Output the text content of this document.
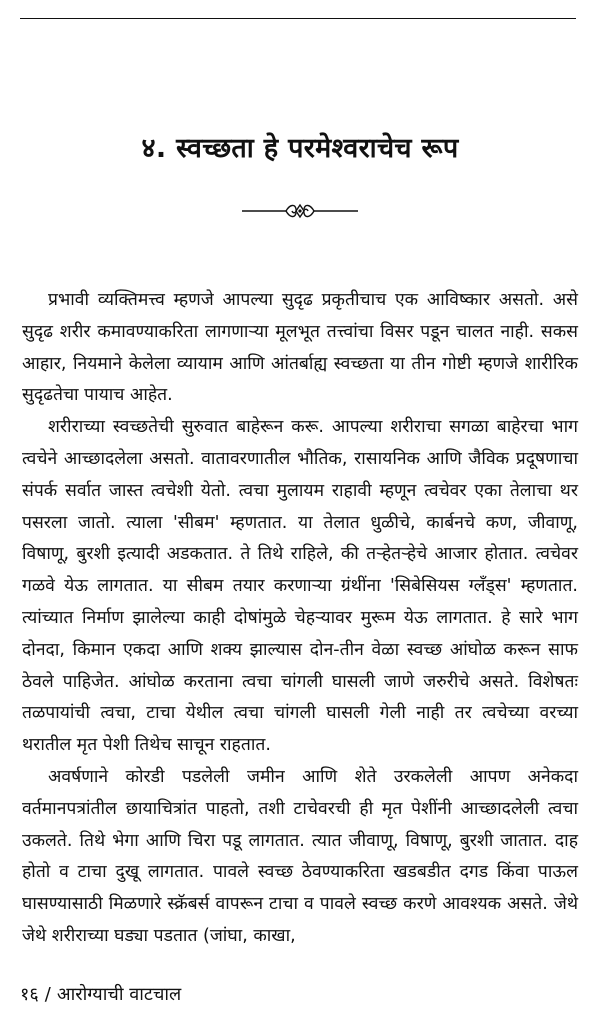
४. स्वच्छता हे परमेश्वराचेच रूप

प्रभावी व्यक्तिमत्त्व म्हणजे आपल्या सुदृढ प्रकृतीचाच एक आविष्कार असतो. असे सुदृढ शरीर कमावण्याकरिता लागणाऱ्या मूलभूत तत्त्वांचा विसर पडून चालत नाही. सकस आहार, नियमाने केलेला व्यायाम आणि आंतर्बाह्य स्वच्छता या तीन गोष्टी म्हणजे शारीरिक सुदृढतेचा पायाच आहेत.

शरीराच्या स्वच्छतेची सुरुवात बाहेरून करू. आपल्या शरीराचा सगळा बाहेरचा भाग त्वचेने आच्छादलेला असतो. वातावरणातील भौतिक, रासायनिक आणि जैविक प्रदूषणाचा संपर्क सर्वात जास्त त्वचेशी येतो. त्वचा मुलायम राहावी म्हणून त्वचेवर एका तेलाचा थर पसरला जातो. त्याला 'सीबम' म्हणतात. या तेलात धुळीचे, कार्बनचे कण, जीवाणू, विषाणू, बुरशी इत्यादी अडकतात. ते तिथे राहिले, की तऱ्हेतऱ्हेचे आजार होतात. त्वचेवर गळवे येऊ लागतात. या सीबम तयार करणाऱ्या ग्रंथींना 'सिबेसियस ग्लॅंड्स' म्हणतात. त्यांच्यात निर्माण झालेल्या काही दोषांमुळे चेहऱ्यावर मुरूम येऊ लागतात. हे सारे भाग दोनदा, किमान एकदा आणि शक्य झाल्यास दोन-तीन वेळा स्वच्छ आंघोळ करून साफ ठेवले पाहिजेत. आंघोळ करताना त्वचा चांगली घासली जाणे जरुरीचे असते. विशेषतः तळपायांची त्वचा, टाचा येथील त्वचा चांगली घासली गेली नाही तर त्वचेच्या वरच्या थरातील मृत पेशी तिथेच साचून राहतात.

अवर्षणाने कोरडी पडलेली जमीन आणि शेते उरकलेली आपण अनेकदा वर्तमानपत्रांतील छायाचित्रांत पाहतो, तशी टाचेवरची ही मृत पेशींनी आच्छादलेली त्वचा उकलते. तिथे भेगा आणि चिरा पडू लागतात. त्यात जीवाणू, विषाणू, बुरशी जातात. दाह होतो व टाचा दुखू लागतात. पावले स्वच्छ ठेवण्याकरिता खडबडीत दगड किंवा पाऊल घासण्यासाठी मिळणारे स्क्रॅबर्स वापरून टाचा व पावले स्वच्छ करणे आवश्यक असते. जेथे जेथे शरीराच्या घड्या पडतात (जांघा, काखा,

१६ / आरोग्याची वाटचाल
